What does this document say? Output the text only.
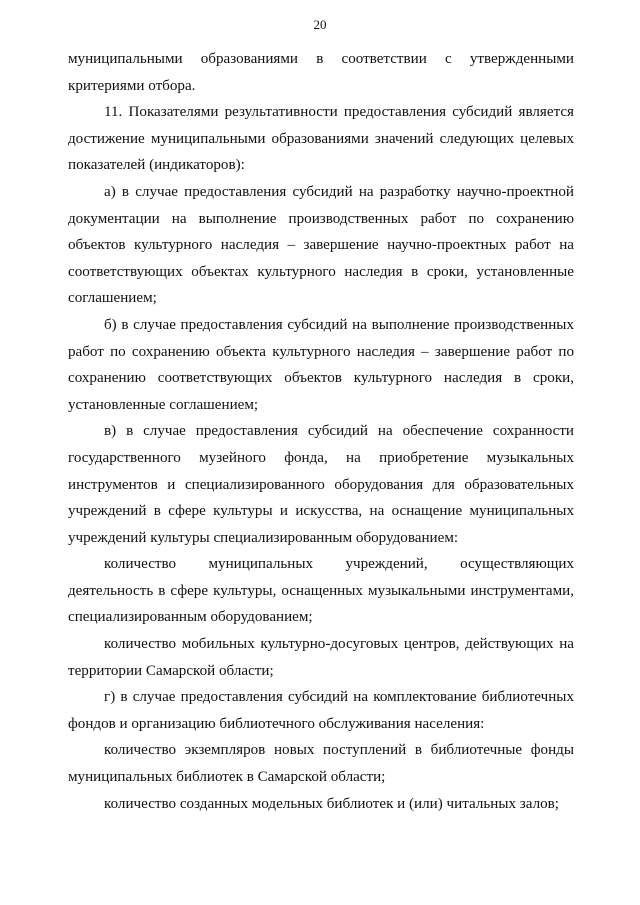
20

муниципальными образованиями в соответствии с утвержденными критериями отбора.

11. Показателями результативности предоставления субсидий является достижение муниципальными образованиями значений следующих целевых показателей (индикаторов):

а) в случае предоставления субсидий на разработку научно-проектной документации на выполнение производственных работ по сохранению объектов культурного наследия – завершение научно-проектных работ на соответствующих объектах культурного наследия в сроки, установленные соглашением;

б) в случае предоставления субсидий на выполнение производственных работ по сохранению объекта культурного наследия – завершение работ по сохранению соответствующих объектов культурного наследия в сроки, установленные соглашением;

в) в случае предоставления субсидий на обеспечение сохранности государственного музейного фонда, на приобретение музыкальных инструментов и специализированного оборудования для образовательных учреждений в сфере культуры и искусства, на оснащение муниципальных учреждений культуры специализированным оборудованием:

количество муниципальных учреждений, осуществляющих деятельность в сфере культуры, оснащенных музыкальными инструментами, специализированным оборудованием;

количество мобильных культурно-досуговых центров, действующих на территории Самарской области;

г) в случае предоставления субсидий на комплектование библиотечных фондов и организацию библиотечного обслуживания населения:

количество экземпляров новых поступлений в библиотечные фонды муниципальных библиотек в Самарской области;

количество созданных модельных библиотек и (или) читальных залов;
